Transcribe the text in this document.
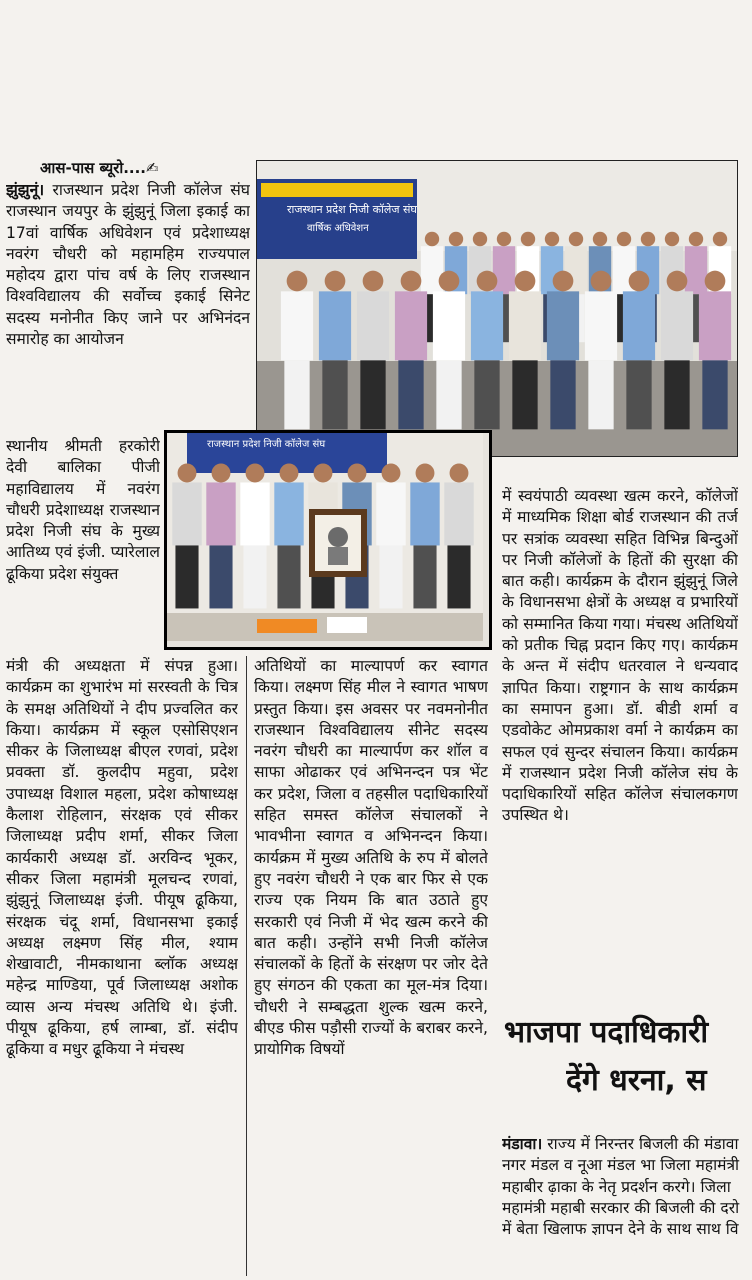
आस-पास ब्यूरो....✍

झुंझुनूं। राजस्थान प्रदेश निजी कॉलेज संघ राजस्थान जयपुर के झुंझुनूं जिला इकाई का 17वां वार्षिक अधिवेशन एवं प्रदेशाध्यक्ष नवरंग चौधरी को महामहिम राज्यपाल महोदय द्वारा पांच वर्ष के लिए राजस्थान विश्वविद्यालय की सर्वोच्च इकाई सिनेट सदस्य मनोनीत किए जाने पर अभिनंदन समारोह का आयोजन

स्थानीय श्रीमती हरकोरी देवी बालिका पीजी महाविद्यालय में नवरंग चौधरी प्रदेशाध्यक्ष राजस्थान प्रदेश निजी संघ के मुख्य आतिथ्य एवं इंजी. प्यारेलाल ढूकिया प्रदेश संयुक्त

मंत्री की अध्यक्षता में संपन्न हुआ। कार्यक्रम का शुभारंभ मां सरस्वती के चित्र के समक्ष अतिथियों ने दीप प्रज्वलित कर किया। कार्यक्रम में स्कूल एसोसिएशन सीकर के जिलाध्यक्ष बीएल रणवां, प्रदेश प्रवक्ता डॉ. कुलदीप महुवा, प्रदेश उपाध्यक्ष विशाल महला, प्रदेश कोषाध्यक्ष कैलाश रोहिलान, संरक्षक एवं सीकर जिलाध्यक्ष प्रदीप शर्मा, सीकर जिला कार्यकारी अध्यक्ष डॉ. अरविन्द भूकर, सीकर जिला महामंत्री मूलचन्द रणवां, झुंझुनूं जिलाध्यक्ष इंजी. पीयूष ढूकिया, संरक्षक चंदू शर्मा, विधानसभा इकाई अध्यक्ष लक्ष्मण सिंह मील, श्याम शेखावाटी, नीमकाथाना ब्लॉक अध्यक्ष महेन्द्र माण्डिया, पूर्व जिलाध्यक्ष अशोक व्यास अन्य मंचस्थ अतिथि थे। इंजी. पीयूष ढूकिया, हर्ष लाम्बा, डॉ. संदीप ढूकिया व मधुर ढूकिया ने मंचस्थ

अतिथियों का माल्यापर्ण कर स्वागत किया। लक्ष्मण सिंह मील ने स्वागत भाषण प्रस्तुत किया। इस अवसर पर नवमनोनीत राजस्थान विश्वविद्यालय सीनेट सदस्य नवरंग चौधरी का माल्यार्पण कर शॉल व साफा ओढाकर एवं अभिनन्दन पत्र भेंट कर प्रदेश, जिला व तहसील पदाधिकारियों सहित समस्त कॉलेज संचालकों ने भावभीना स्वागत व अभिनन्दन किया। कार्यक्रम में मुख्य अतिथि के रुप में बोलते हुए नवरंग चौधरी ने एक बार फिर से एक राज्य एक नियम कि बात उठाते हुए सरकारी एवं निजी में भेद खत्म करने की बात कही। उन्होंने सभी निजी कॉलेज संचालकों के हितों के संरक्षण पर जोर देते हुए संगठन की एकता का मूल-मंत्र दिया। चौधरी ने सम्बद्धता शुल्क खत्म करने, बीएड फीस पड़ौसी राज्यों के बराबर करने, प्रायोगिक विषयों

में स्वयंपाठी व्यवस्था खत्म करने, कॉलेजों में माध्यमिक शिक्षा बोर्ड राजस्थान की तर्ज पर सत्रांक व्यवस्था सहित विभिन्न बिन्दुओं पर निजी कॉलेजों के हितों की सुरक्षा की बात कही। कार्यक्रम के दौरान झुंझुनूं जिले के विधानसभा क्षेत्रों के अध्यक्ष व प्रभारियों को सम्मानित किया गया। मंचस्थ अतिथियों को प्रतीक चिह्न प्रदान किए गए। कार्यक्रम के अन्त में संदीप धतरवाल ने धन्यवाद ज्ञापित किया। राष्ट्रगान के साथ कार्यक्रम का समापन हुआ। डॉ. बीडी शर्मा व एडवोकेट ओमप्रकाश वर्मा ने कार्यक्रम का सफल एवं सुन्दर संचालन किया। कार्यक्रम में राजस्थान प्रदेश निजी कॉलेज संघ के पदाधिकारियों सहित कॉलेज संचालकगण उपस्थित थे।

भाजपा पदाधिकारी
देंगे धरना, स

मंडावा। राज्य में निरन्तर बिजली की मंडावा नगर मंडल व नूआ मंडल भा जिला महामंत्री महाबीर ढ़ाका के नेतृ प्रदर्शन करगे। जिला महामंत्री महाबी सरकार की बिजली की दरो में बेता खिलाफ ज्ञापन देने के साथ साथ वि

राजस्थान प्रदेश निजी कॉलेज संघ
वार्षिक अधिवेशन
राजस्थान प्रदेश निजी कॉलेज संघ
